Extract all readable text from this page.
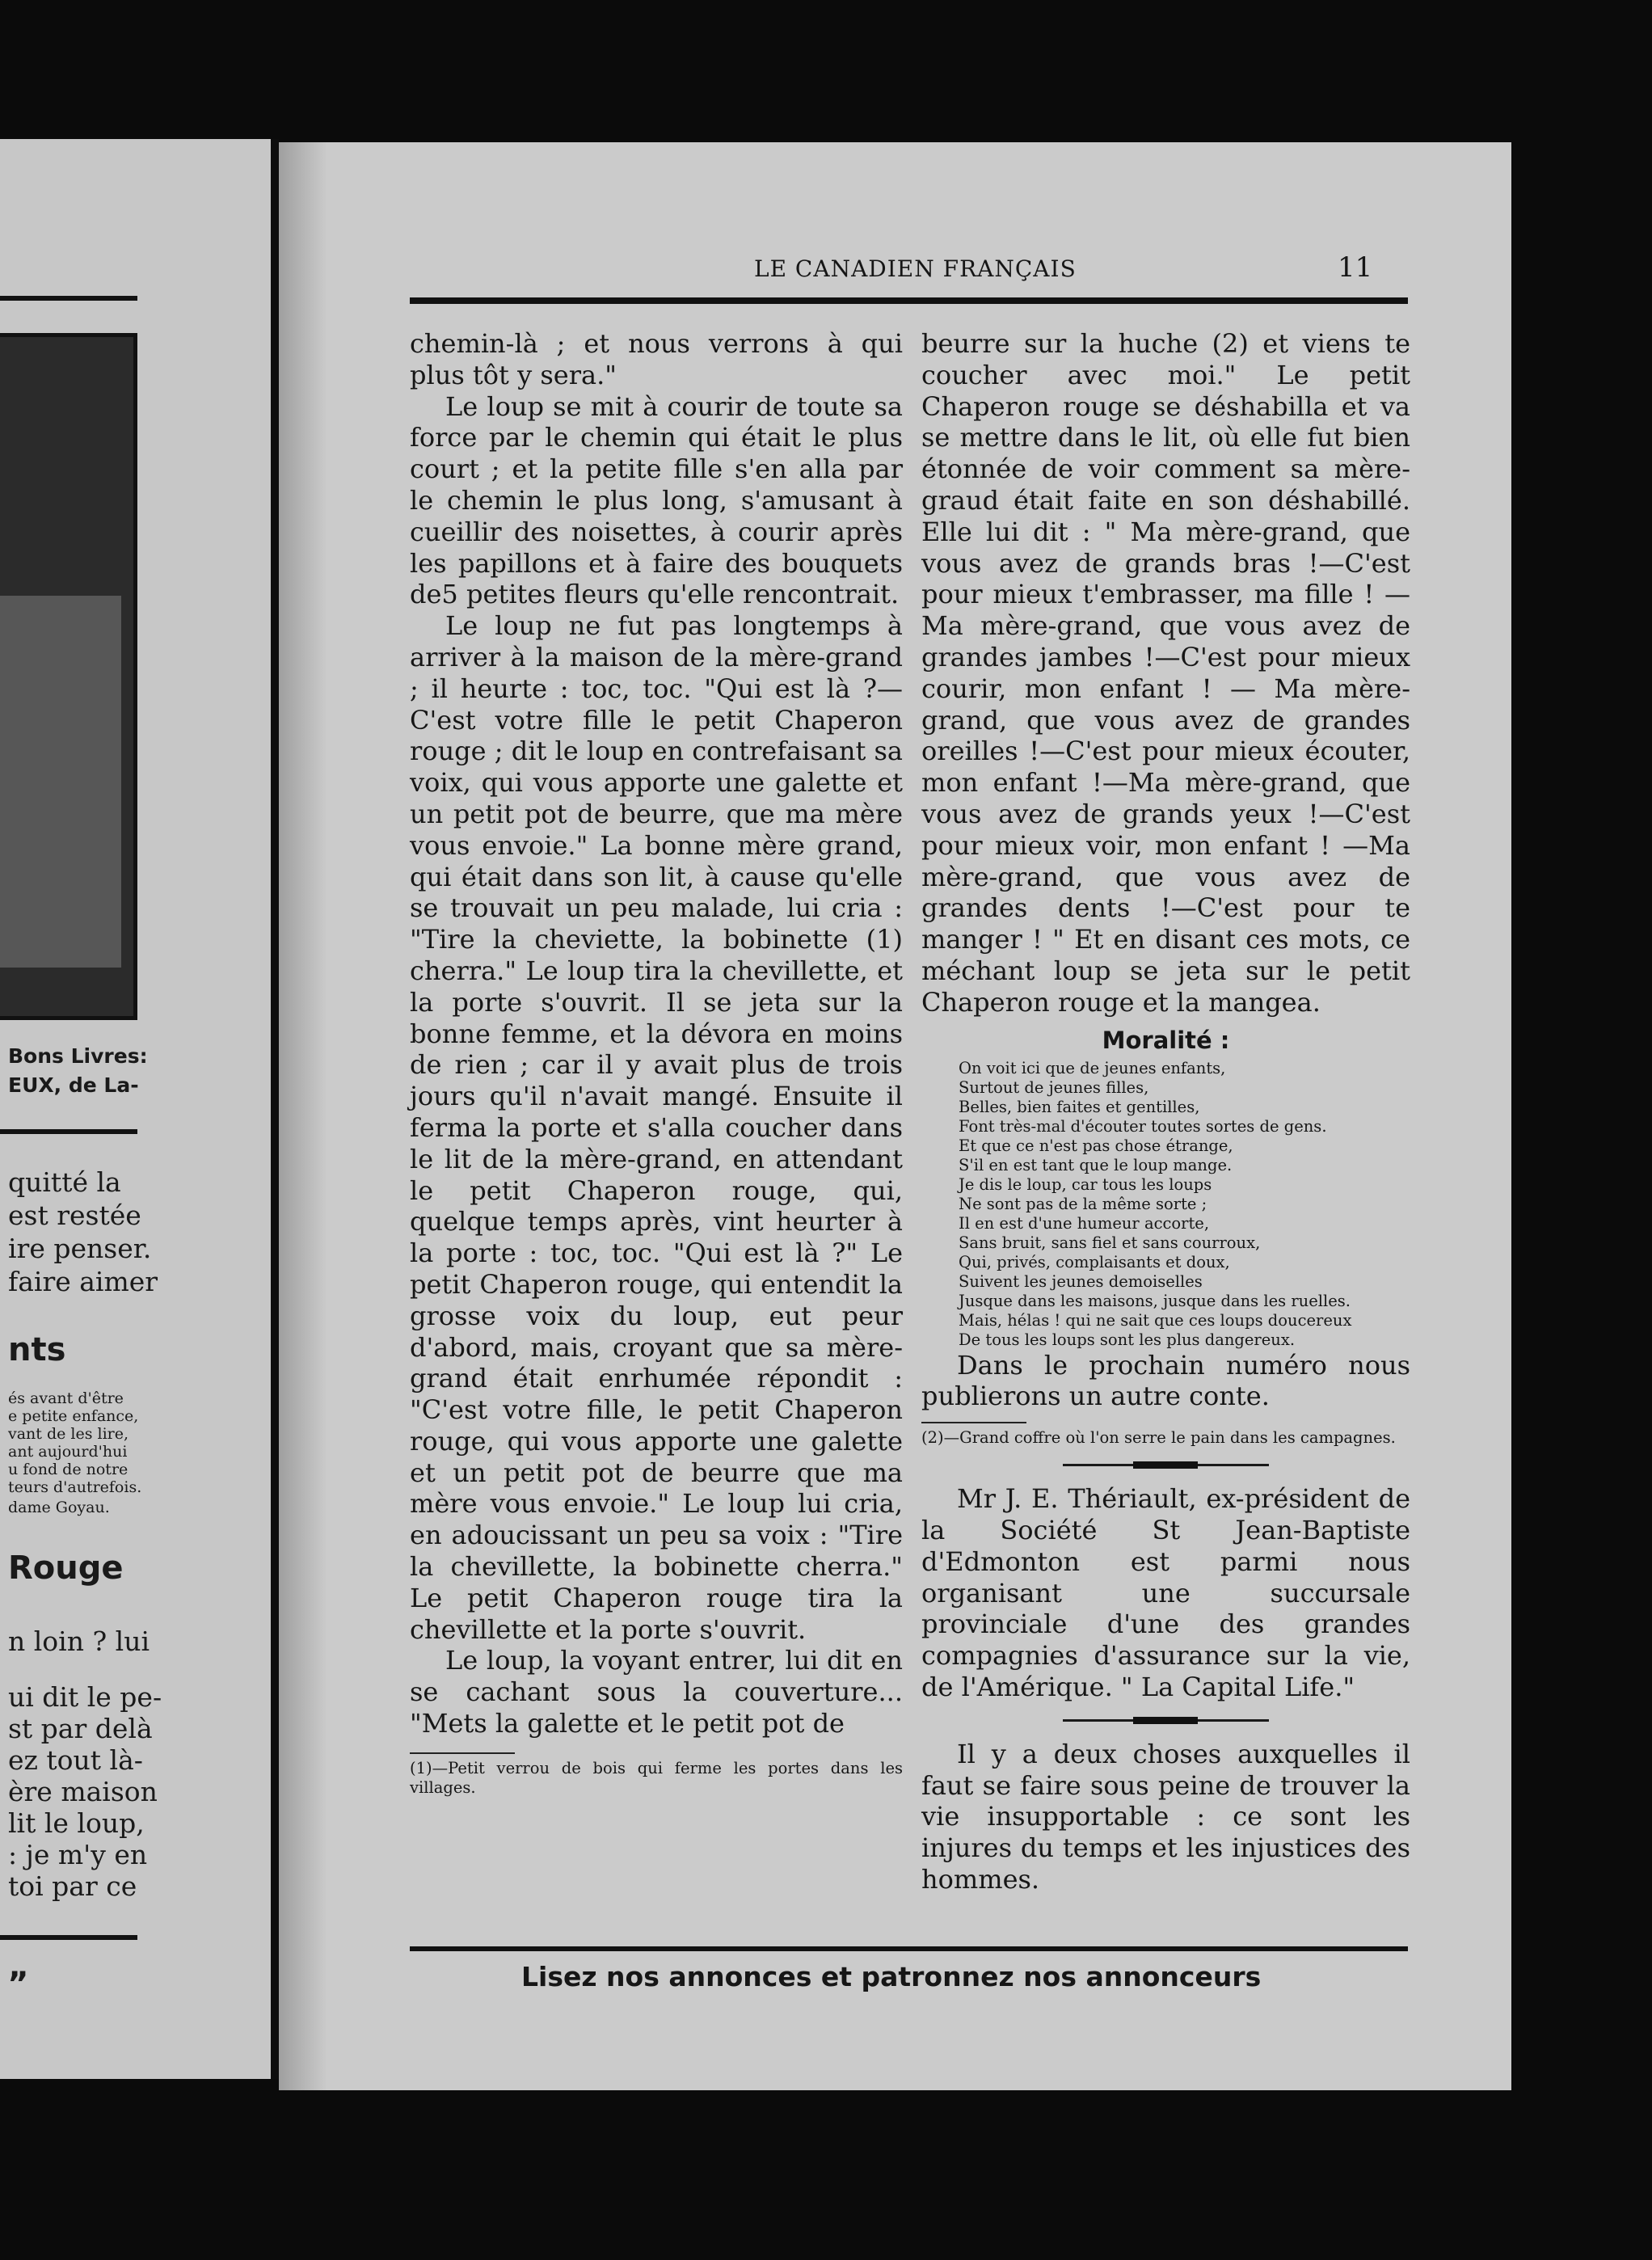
Bons Livres:
EUX, de La-
quitté la
est restée
ire penser.
faire aimer
nts
és avant d'être
e petite enfance,
vant de les lire,
ant aujourd'hui
u fond de notre
teurs d'autrefois.
dame Goyau.
Rouge
n loin ? lui
ui dit le pe-
st par delà
ez tout là-
ère maison
lit le loup,
: je m'y en
toi par ce
„
LE CANADIEN FRANÇAIS	11

chemin-là ; et nous verrons à qui plus tôt y sera."

Le loup se mit à courir de toute sa force par le chemin qui était le plus court ; et la petite fille s'en alla par le chemin le plus long, s'amusant à cueillir des noisettes, à courir après les papillons et à faire des bouquets de5 petites fleurs qu'elle rencontrait.

Le loup ne fut pas longtemps à arriver à la maison de la mère-grand ; il heurte : toc, toc. "Qui est là ?—C'est votre fille le petit Chaperon rouge ; dit le loup en contrefaisant sa voix, qui vous apporte une galette et un petit pot de beurre, que ma mère vous envoie." La bonne mère grand, qui était dans son lit, à cause qu'elle se trouvait un peu malade, lui cria : "Tire la cheviette, la bobinette (1) cherra." Le loup tira la chevillette, et la porte s'ouvrit. Il se jeta sur la bonne femme, et la dévora en moins de rien ; car il y avait plus de trois jours qu'il n'avait mangé. Ensuite il ferma la porte et s'alla coucher dans le lit de la mère-grand, en attendant le petit Chaperon rouge, qui, quelque temps après, vint heurter à la porte : toc, toc. "Qui est là ?" Le petit Chaperon rouge, qui entendit la grosse voix du loup, eut peur d'abord, mais, croyant que sa mère-grand était enrhumée répondit : "C'est votre fille, le petit Chaperon rouge, qui vous apporte une galette et un petit pot de beurre que ma mère vous envoie." Le loup lui cria, en adoucissant un peu sa voix : "Tire la chevillette, la bobinette cherra." Le petit Chaperon rouge tira la chevillette et la porte s'ouvrit.

Le loup, la voyant entrer, lui dit en se cachant sous la couverture... "Mets la galette et le petit pot de

(1)—Petit verrou de bois qui ferme les portes dans les villages.

beurre sur la huche (2) et viens te coucher avec moi." Le petit Chaperon rouge se déshabilla et va se mettre dans le lit, où elle fut bien étonnée de voir comment sa mère-graud était faite en son déshabillé. Elle lui dit : " Ma mère-grand, que vous avez de grands bras !—C'est pour mieux t'embrasser, ma fille ! —Ma mère-grand, que vous avez de grandes jambes !—C'est pour mieux courir, mon enfant ! — Ma mère-grand, que vous avez de grandes oreilles !—C'est pour mieux écouter, mon enfant !—Ma mère-grand, que vous avez de grands yeux !—C'est pour mieux voir, mon enfant ! —Ma mère-grand, que vous avez de grandes dents !—C'est pour te manger ! " Et en disant ces mots, ce méchant loup se jeta sur le petit Chaperon rouge et la mangea.

Moralité :
On voit ici que de jeunes enfants,
Surtout de jeunes filles,
Belles, bien faites et gentilles,
Font très-mal d'écouter toutes sortes de gens.
Et que ce n'est pas chose étrange,
S'il en est tant que le loup mange.
Je dis le loup, car tous les loups
Ne sont pas de la même sorte ;
Il en est d'une humeur accorte,
Sans bruit, sans fiel et sans courroux,
Qui, privés, complaisants et doux,
Suivent les jeunes demoiselles
Jusque dans les maisons, jusque dans les ruelles.
Mais, hélas ! qui ne sait que ces loups doucereux
De tous les loups sont les plus dangereux.

Dans le prochain numéro nous publierons un autre conte.

(2)—Grand coffre où l'on serre le pain dans les campagnes.

Mr J. E. Thériault, ex-président de la Société St Jean-Baptiste d'Edmonton est parmi nous organisant une succursale provinciale d'une des grandes compagnies d'assurance sur la vie, de l'Amérique. " La Capital Life."

Il y a deux choses auxquelles il faut se faire sous peine de trouver la vie insupportable : ce sont les injures du temps et les injustices des hommes.

Lisez nos annonces et patronnez nos annonceurs
